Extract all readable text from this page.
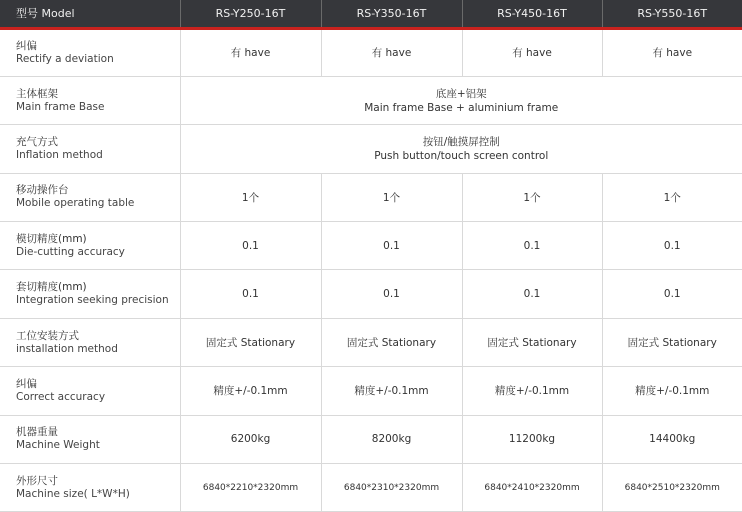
型号 Model	RS-Y250-16T	RS-Y350-16T	RS-Y450-16T	RS-Y550-16T

纠偏
Rectify a deviation	有 have	有 have	有 have	有 have

主体框架
Main frame Base	底座+铝架
Main frame Base + aluminium frame			

充气方式
Inflation method	按钮/触摸屏控制
Push button/touch screen control			

移动操作台
Mobile operating table	1个	1个	1个	1个

模切精度(mm)
Die-cutting accuracy	0.1	0.1	0.1	0.1

套切精度(mm)
Integration seeking precision	0.1	0.1	0.1	0.1

工位安装方式
installation method	固定式 Stationary	固定式 Stationary	固定式 Stationary	固定式 Stationary

纠偏
Correct accuracy	精度+/-0.1mm	精度+/-0.1mm	精度+/-0.1mm	精度+/-0.1mm

机器重量
Machine Weight	6200kg	8200kg	11200kg	14400kg

外形尺寸
Machine size( L*W*H)	6840*2210*2320mm	6840*2310*2320mm	6840*2410*2320mm	6840*2510*2320mm
